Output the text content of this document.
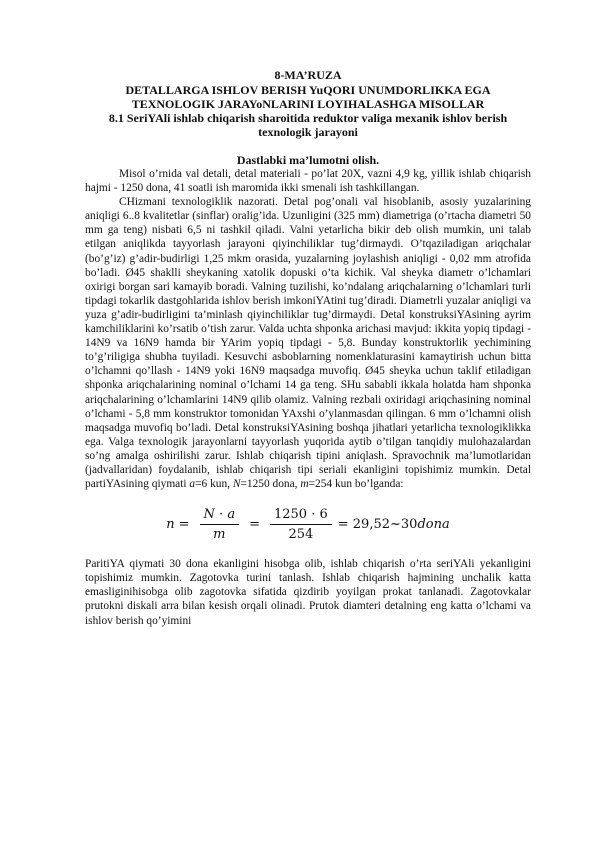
8-MA’RUZA

DETALLARGA ISHLOV BERISH YuQORI UNUMDORLIKKA EGA

TEXNOLOGIK JARAYoNLARINI LOYIHALASHGA MISOLLAR

8.1 SeriYAli ishlab chiqarish sharoitida reduktor valiga mexanik ishlov berish texnologik jarayoni

Dastlabki ma’lumotni olish.

Misol o’rnida val detali, detal materiali - po’lat 20X, vazni 4,9 kg, yillik ishlab chiqarish hajmi - 1250 dona, 41 soatli ish maromida ikki smenali ish tashkillangan.

CHizmani texnologiklik nazorati. Detal pog’onali val hisoblanib, asosiy yuzalarining aniqligi 6..8 kvalitetlar (sinflar) oralig’ida. Uzunligini (325 mm) diametriga (o’rtacha diametri 50 mm ga teng) nisbati 6,5 ni tashkil qiladi. Valni yetarlicha bikir deb olish mumkin, uni talab etilgan aniqlikda tayyorlash jarayoni qiyinchiliklar tug’dirmaydi. O’tqaziladigan ariqchalar (bo’g’iz) g’adir-budirligi 1,25 mkm orasida, yuzalarning joylashish aniqligi - 0,02 mm atrofida bo’ladi. Ø45 shaklli sheykaning xatolik dopuski o’ta kichik. Val sheyka diametr o’lchamlari oxirigi borgan sari kamayib boradi. Valning tuzilishi, ko’ndalang ariqchalarning o’lchamlari turli tipdagi tokarlik dastgohlarida ishlov berish imkoniYAtini tug’diradi. Diametrli yuzalar aniqligi va yuza g’adir-budirligini ta’minlash qiyinchiliklar tug’dirmaydi. Detal konstruksiYAsining ayrim kamchiliklarini ko’rsatib o’tish zarur. Valda uchta shponka arichasi mavjud: ikkita yopiq tipdagi - 14N9 va 16N9 hamda bir YArim yopiq tipdagi - 5,8. Bunday konstruktorlik yechimining to’g’riligiga shubha tuyiladi. Kesuvchi asboblarning nomenklaturasini kamaytirish uchun bitta o’lchamni qo’llash - 14N9 yoki 16N9 maqsadga muvofiq. Ø45 sheyka uchun taklif etiladigan shponka ariqchalarining nominal o’lchami 14 ga teng. SHu sababli ikkala holatda ham shponka ariqchalarining o’lchamlarini 14N9 qilib olamiz. Valning rezbali oxiridagi ariqchasining nominal o’lchami - 5,8 mm konstruktor tomonidan YAxshi o’ylanmasdan qilingan. 6 mm o’lchamni olish maqsadga muvofiq bo’ladi. Detal konstruksiYAsining boshqa jihatlari yetarlicha texnologiklikka ega. Valga texnologik jarayonlarni tayyorlash yuqorida aytib o’tilgan tanqidiy mulohazalardan so’ng amalga oshirilishi zarur. Ishlab chiqarish tipini aniqlash. Spravochnik ma’lumotlaridan (jadvallaridan) foydalanib, ishlab chiqarish tipi seriali ekanligini topishimiz mumkin. Detal partiYAsining qiymati a=6 kun, N=1250 dona, m=254 kun bo’lganda:

$n = \frac{N \cdot a}{m} = \frac{1250 \cdot 6}{254}$ = 29,52~30 dona

ParitiYA qiymati 30 dona ekanligini hisobga olib, ishlab chiqarish o’rta seriYAli yekanligini topishimiz mumkin. Zagotovka turini tanlash. Ishlab chiqarish hajmining unchalik katta emasliginihisobga olib zagotovka sifatida qizdirib yoyilgan prokat tanlanadi. Zagotovkalar prutokni diskali arra bilan kesish orqali olinadi. Prutok diamteri detalning eng katta o’lchami va ishlov berish qo’yimini
